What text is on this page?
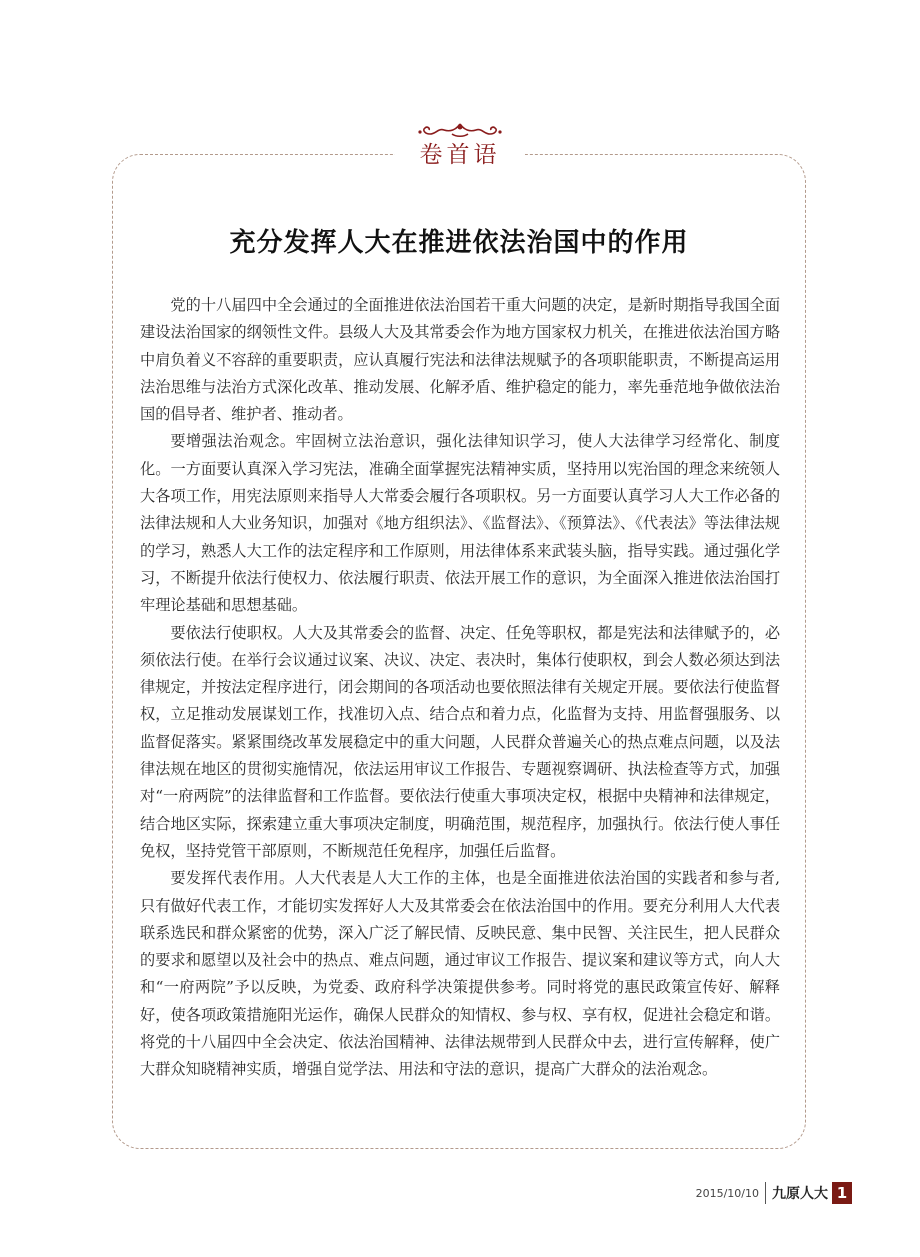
卷首语
充分发挥人大在推进依法治国中的作用

党的十八届四中全会通过的全面推进依法治国若干重大问题的决定，是新时期指导我国全面建设法治国家的纲领性文件。县级人大及其常委会作为地方国家权力机关，在推进依法治国方略中肩负着义不容辞的重要职责，应认真履行宪法和法律法规赋予的各项职能职责，不断提高运用法治思维与法治方式深化改革、推动发展、化解矛盾、维护稳定的能力，率先垂范地争做依法治国的倡导者、维护者、推动者。

要增强法治观念。牢固树立法治意识，强化法律知识学习，使人大法律学习经常化、制度化。一方面要认真深入学习宪法，准确全面掌握宪法精神实质，坚持用以宪治国的理念来统领人大各项工作，用宪法原则来指导人大常委会履行各项职权。另一方面要认真学习人大工作必备的法律法规和人大业务知识，加强对《地方组织法》、《监督法》、《预算法》、《代表法》等法律法规的学习，熟悉人大工作的法定程序和工作原则，用法律体系来武装头脑，指导实践。通过强化学习，不断提升依法行使权力、依法履行职责、依法开展工作的意识，为全面深入推进依法治国打牢理论基础和思想基础。

要依法行使职权。人大及其常委会的监督、决定、任免等职权，都是宪法和法律赋予的，必须依法行使。在举行会议通过议案、决议、决定、表决时，集体行使职权，到会人数必须达到法律规定，并按法定程序进行，闭会期间的各项活动也要依照法律有关规定开展。要依法行使监督权，立足推动发展谋划工作，找准切入点、结合点和着力点，化监督为支持、用监督强服务、以监督促落实。紧紧围绕改革发展稳定中的重大问题，人民群众普遍关心的热点难点问题，以及法律法规在地区的贯彻实施情况，依法运用审议工作报告、专题视察调研、执法检查等方式，加强对“一府两院”的法律监督和工作监督。要依法行使重大事项决定权，根据中央精神和法律规定，结合地区实际，探索建立重大事项决定制度，明确范围，规范程序，加强执行。依法行使人事任免权，坚持党管干部原则，不断规范任免程序，加强任后监督。

要发挥代表作用。人大代表是人大工作的主体，也是全面推进依法治国的实践者和参与者,只有做好代表工作，才能切实发挥好人大及其常委会在依法治国中的作用。要充分利用人大代表联系选民和群众紧密的优势，深入广泛了解民情、反映民意、集中民智、关注民生，把人民群众的要求和愿望以及社会中的热点、难点问题，通过审议工作报告、提议案和建议等方式，向人大和“一府两院”予以反映，为党委、政府科学决策提供参考。同时将党的惠民政策宣传好、解释好，使各项政策措施阳光运作，确保人民群众的知情权、参与权、享有权，促进社会稳定和谐。将党的十八届四中全会决定、依法治国精神、法律法规带到人民群众中去，进行宣传解释，使广大群众知晓精神实质，增强自觉学法、用法和守法的意识，提高广大群众的法治观念。

2015/10/10 九原人大 1
